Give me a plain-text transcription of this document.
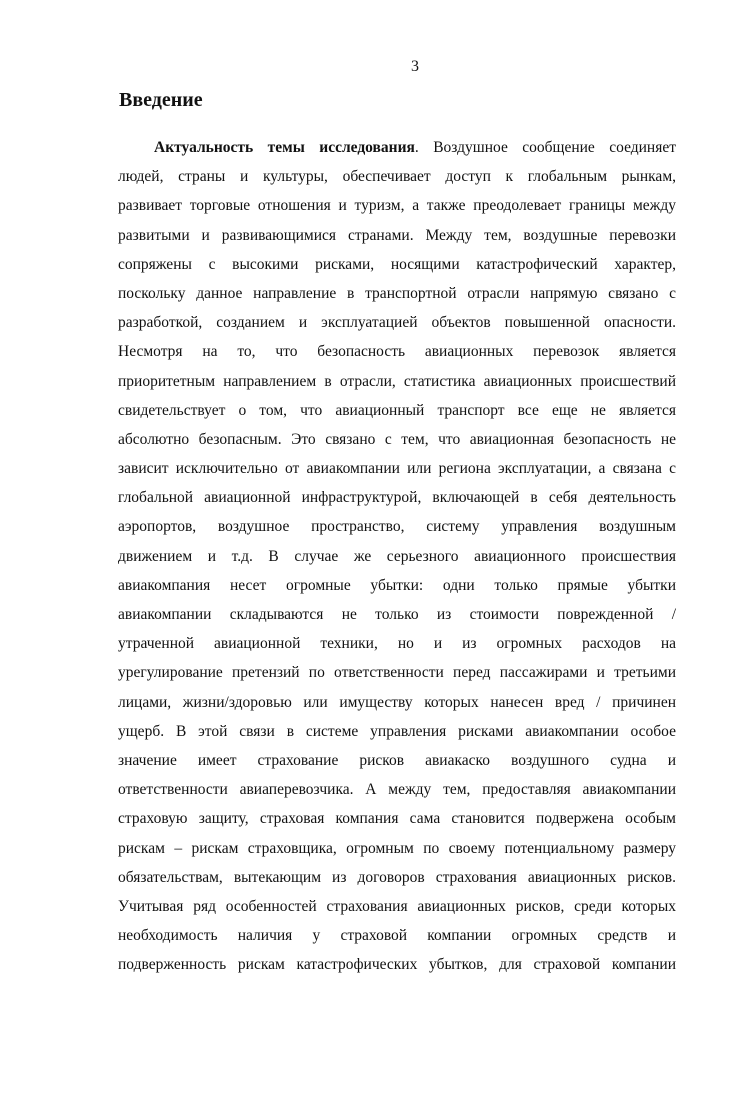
3
Введение
Актуальность темы исследования. Воздушное сообщение соединяет
людей, страны и культуры, обеспечивает доступ к глобальным рынкам,
развивает торговые отношения и туризм, а также преодолевает границы между
развитыми и развивающимися странами. Между тем, воздушные перевозки
сопряжены с высокими рисками, носящими катастрофический характер,
поскольку данное направление в транспортной отрасли напрямую связано с
разработкой, созданием и эксплуатацией объектов повышенной опасности.
Несмотря на то, что безопасность авиационных перевозок является
приоритетным направлением в отрасли, статистика авиационных происшествий
свидетельствует о том, что авиационный транспорт все еще не является
абсолютно безопасным. Это связано с тем, что авиационная безопасность не
зависит исключительно от авиакомпании или региона эксплуатации, а связана с
глобальной авиационной инфраструктурой, включающей в себя деятельность
аэропортов, воздушное пространство, систему управления воздушным
движением и т.д. В случае же серьезного авиационного происшествия
авиакомпания несет огромные убытки: одни только прямые убытки
авиакомпании складываются не только из стоимости поврежденной /
утраченной авиационной техники, но и из огромных расходов на
урегулирование претензий по ответственности перед пассажирами и третьими
лицами, жизни/здоровью или имуществу которых нанесен вред / причинен
ущерб. В этой связи в системе управления рисками авиакомпании особое
значение имеет страхование рисков авиакаско воздушного судна и
ответственности авиаперевозчика. А между тем, предоставляя авиакомпании
страховую защиту, страховая компания сама становится подвержена особым
рискам – рискам страховщика, огромным по своему потенциальному размеру
обязательствам, вытекающим из договоров страхования авиационных рисков.
Учитывая ряд особенностей страхования авиационных рисков, среди которых
необходимость наличия у страховой компании огромных средств и
подверженность рискам катастрофических убытков, для страховой компании
